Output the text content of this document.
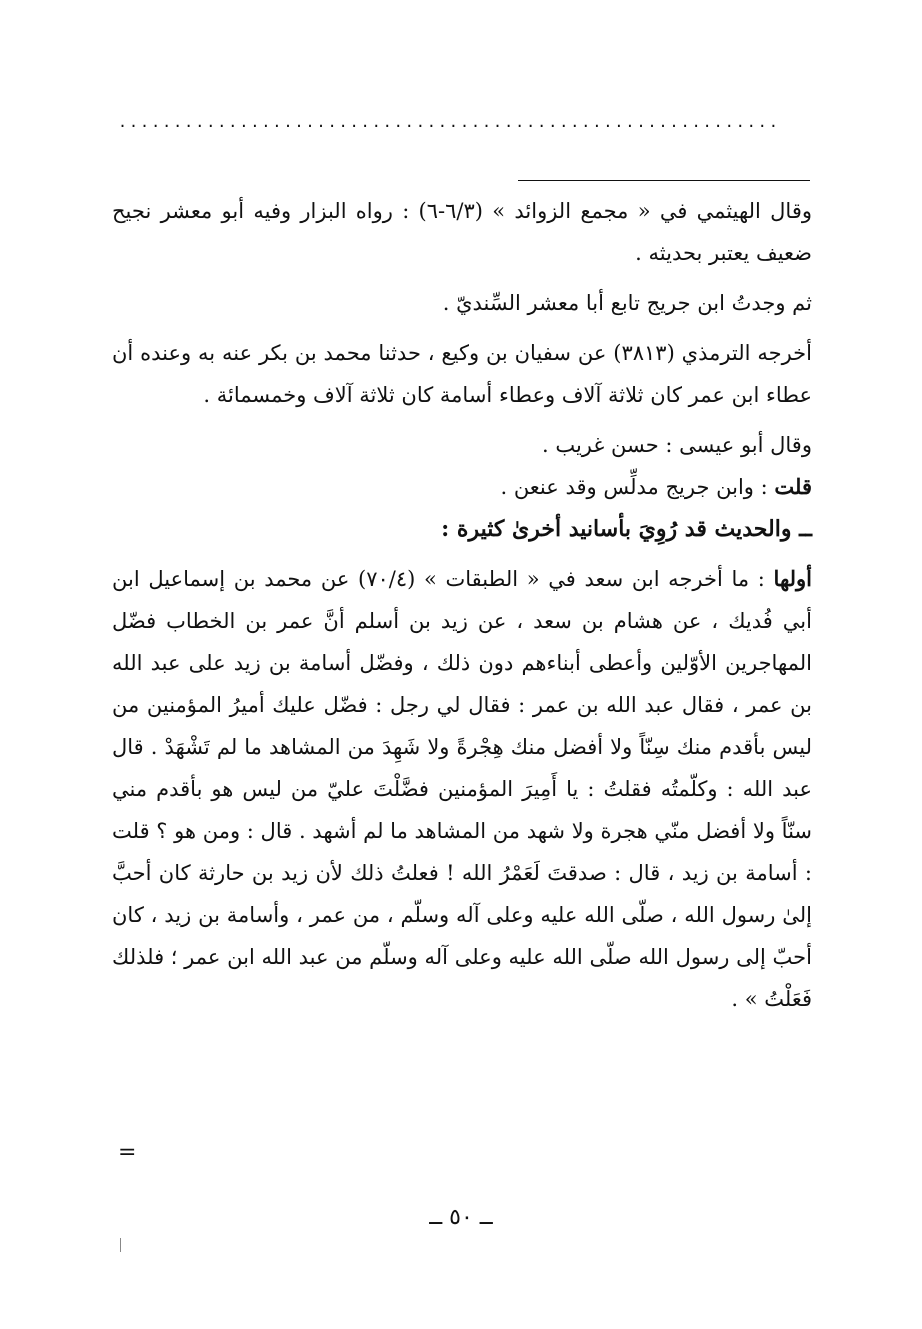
............................................................

وقال الهيثمي في « مجمع الزوائد » (٦/٣-٦) : رواه البزار وفيه أبو معشر نجيح ضعيف يعتبر بحديثه .

ثم وجدتُ ابن جريج تابع أبا معشر السِّنديّ .

أخرجه الترمذي (٣٨١٣) عن سفيان بن وكيع ، حدثنا محمد بن بكر عنه به وعنده أن عطاء ابن عمر كان ثلاثة آلاف وعطاء أسامة كان ثلاثة آلاف وخمسمائة .

وقال أبو عيسى : حسن غريب .

قلت : وابن جريج مدلِّس وقد عنعن .

ــ والحديث قد رُوِيَ بأسانيد أخرىٰ كثيرة :

أولها : ما أخرجه ابن سعد في « الطبقات » (٧٠/٤) عن محمد بن إسماعيل ابن أبي فُديك ، عن هشام بن سعد ، عن زيد بن أسلم أنَّ عمر بن الخطاب فضّل المهاجرين الأوّلين وأعطى أبناءهم دون ذلك ، وفضّل أسامة بن زيد على عبد الله بن عمر ، فقال عبد الله بن عمر : فقال لي رجل : فضّل عليك أميرُ المؤمنين من ليس بأقدم منك سِنّاً ولا أفضل منك هِجْرةً ولا شَهِدَ من المشاهد ما لم تَشْهَدْ . قال عبد الله : وكلّمتُه فقلتُ : يا أَمِيرَ المؤمنين فضَّلْتَ عليّ من ليس هو بأقدم مني سنّاً ولا أفضل منّي هجرة ولا شهد من المشاهد ما لم أشهد . قال : ومن هو ؟ قلت : أسامة بن زيد ، قال : صدقتَ لَعَمْرُ الله ! فعلتُ ذلك لأن زيد بن حارثة كان أحبَّ إلىٰ رسول الله ، صلّى الله عليه وعلى آله وسلّم ، من عمر ، وأسامة بن زيد ، كان أحبّ إلى رسول الله صلّى الله عليه وعلى آله وسلّم من عبد الله ابن عمر ؛ فلذلك فَعَلْتُ » .

=
ــ ٥٠ ــ
